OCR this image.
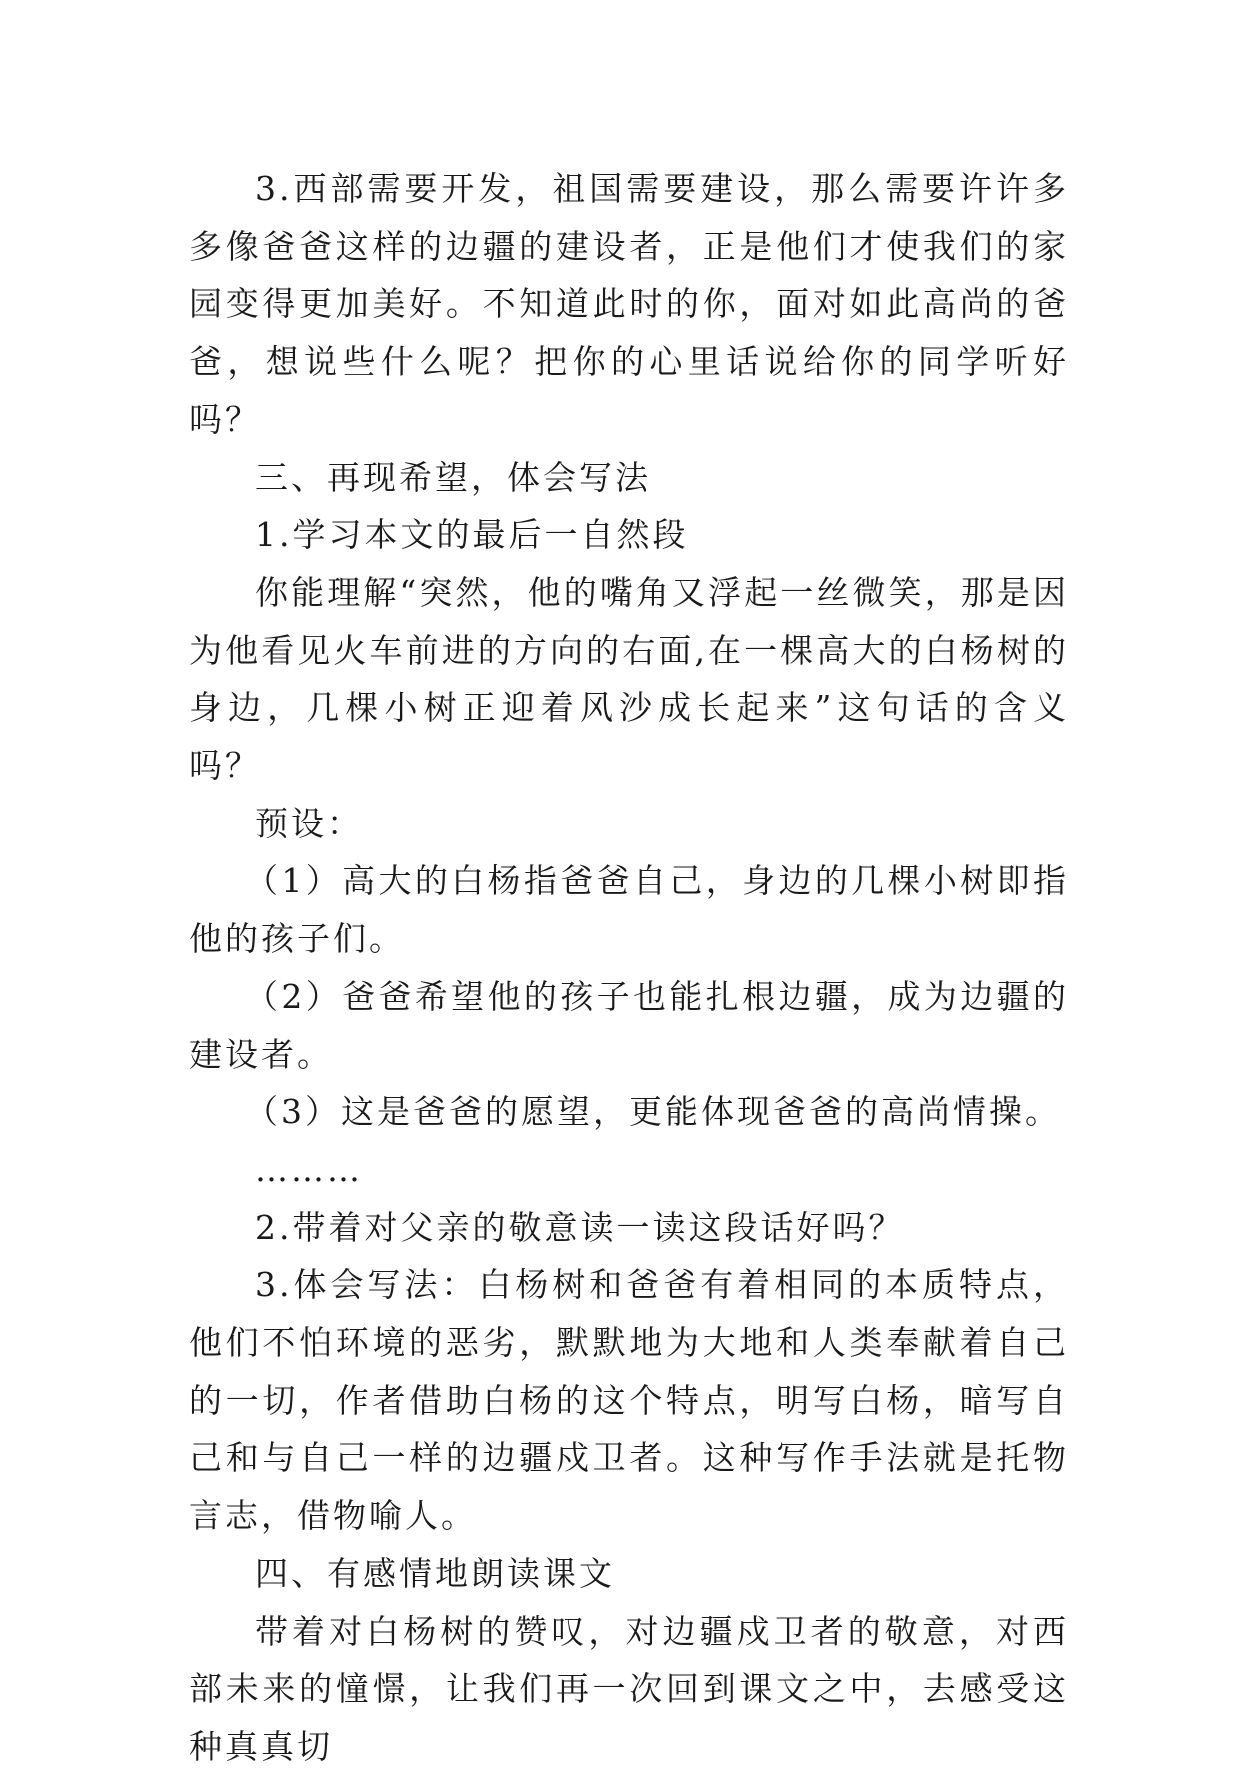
3.西部需要开发，祖国需要建设，那么需要许许多多像爸爸这样的边疆的建设者，正是他们才使我们的家园变得更加美好。不知道此时的你，面对如此高尚的爸爸，想说些什么呢？把你的心里话说给你的同学听好吗？

三、再现希望，体会写法

1.学习本文的最后一自然段

你能理解“突然，他的嘴角又浮起一丝微笑，那是因为他看见火车前进的方向的右面,在一棵高大的白杨树的身边，几棵小树正迎着风沙成长起来”这句话的含义吗？

预设：

（1）高大的白杨指爸爸自己，身边的几棵小树即指他的孩子们。

（2）爸爸希望他的孩子也能扎根边疆，成为边疆的建设者。

（3）这是爸爸的愿望，更能体现爸爸的高尚情操。

………

2.带着对父亲的敬意读一读这段话好吗？

3.体会写法：白杨树和爸爸有着相同的本质特点，他们不怕环境的恶劣，默默地为大地和人类奉献着自己的一切，作者借助白杨的这个特点，明写白杨，暗写自己和与自己一样的边疆戍卫者。这种写作手法就是托物言志，借物喻人。

四、有感情地朗读课文

带着对白杨树的赞叹，对边疆戍卫者的敬意，对西部未来的憧憬，让我们再一次回到课文之中，去感受这种真真切
